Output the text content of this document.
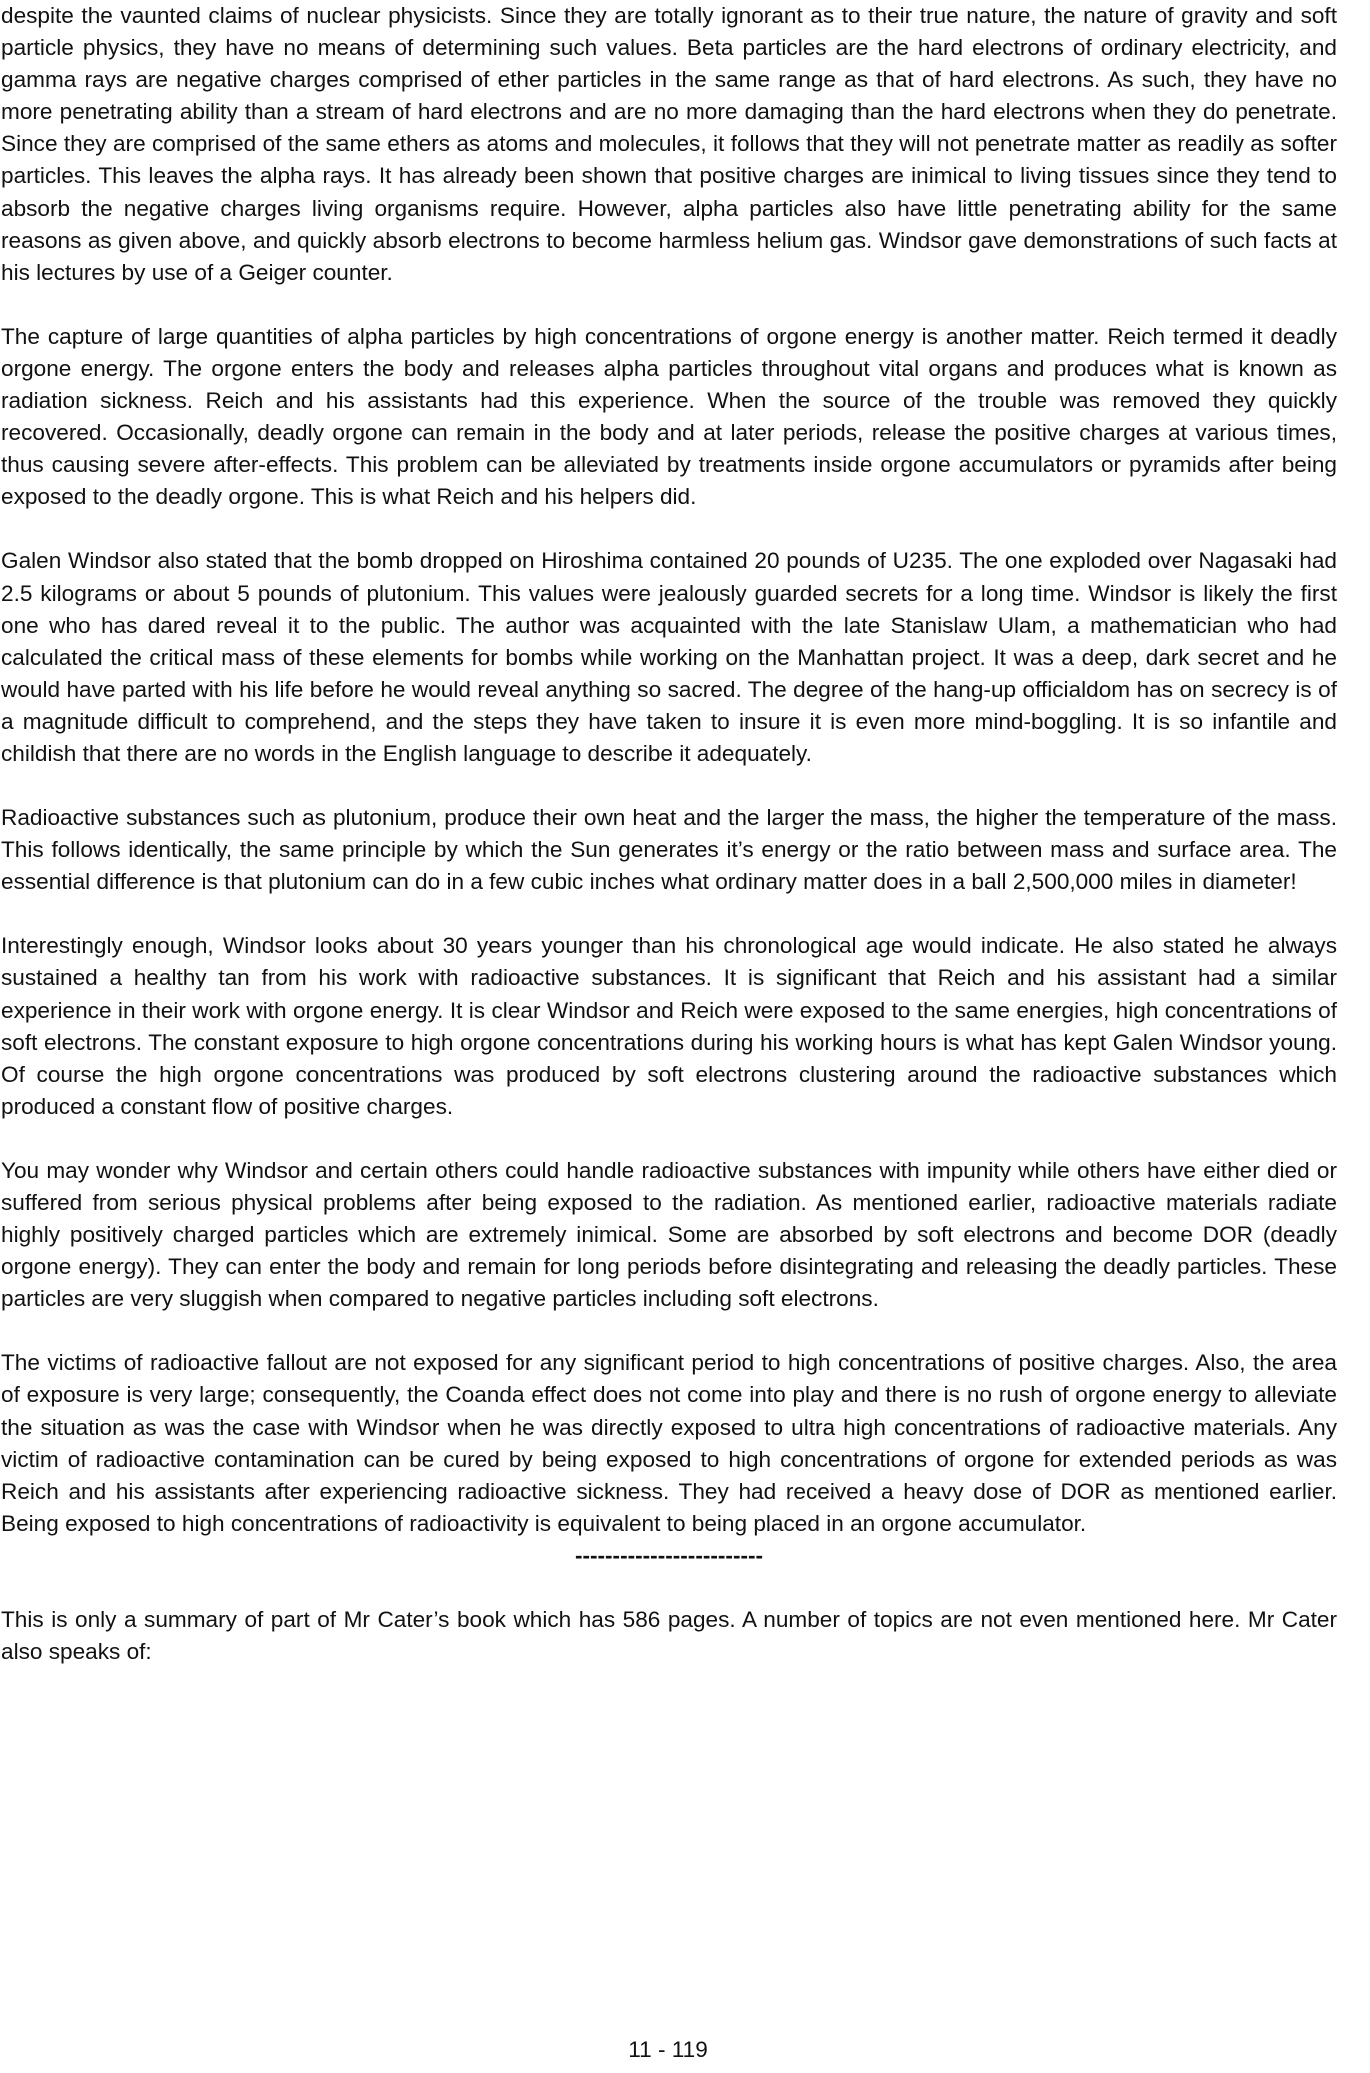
despite the vaunted claims of nuclear physicists. Since they are totally ignorant as to their true nature, the nature of gravity and soft particle physics, they have no means of determining such values. Beta particles are the hard electrons of ordinary electricity, and gamma rays are negative charges comprised of ether particles in the same range as that of hard electrons. As such, they have no more penetrating ability than a stream of hard electrons and are no more damaging than the hard electrons when they do penetrate. Since they are comprised of the same ethers as atoms and molecules, it follows that they will not penetrate matter as readily as softer particles. This leaves the alpha rays. It has already been shown that positive charges are inimical to living tissues since they tend to absorb the negative charges living organisms require. However, alpha particles also have little penetrating ability for the same reasons as given above, and quickly absorb electrons to become harmless helium gas. Windsor gave demonstrations of such facts at his lectures by use of a Geiger counter.

The capture of large quantities of alpha particles by high concentrations of orgone energy is another matter. Reich termed it deadly orgone energy. The orgone enters the body and releases alpha particles throughout vital organs and produces what is known as radiation sickness. Reich and his assistants had this experience. When the source of the trouble was removed they quickly recovered. Occasionally, deadly orgone can remain in the body and at later periods, release the positive charges at various times, thus causing severe after-effects. This problem can be alleviated by treatments inside orgone accumulators or pyramids after being exposed to the deadly orgone. This is what Reich and his helpers did.

Galen Windsor also stated that the bomb dropped on Hiroshima contained 20 pounds of U235. The one exploded over Nagasaki had 2.5 kilograms or about 5 pounds of plutonium. This values were jealously guarded secrets for a long time. Windsor is likely the first one who has dared reveal it to the public. The author was acquainted with the late Stanislaw Ulam, a mathematician who had calculated the critical mass of these elements for bombs while working on the Manhattan project. It was a deep, dark secret and he would have parted with his life before he would reveal anything so sacred. The degree of the hang-up officialdom has on secrecy is of a magnitude difficult to comprehend, and the steps they have taken to insure it is even more mind-boggling. It is so infantile and childish that there are no words in the English language to describe it adequately.

Radioactive substances such as plutonium, produce their own heat and the larger the mass, the higher the temperature of the mass. This follows identically, the same principle by which the Sun generates it’s energy or the ratio between mass and surface area. The essential difference is that plutonium can do in a few cubic inches what ordinary matter does in a ball 2,500,000 miles in diameter!

Interestingly enough, Windsor looks about 30 years younger than his chronological age would indicate. He also stated he always sustained a healthy tan from his work with radioactive substances. It is significant that Reich and his assistant had a similar experience in their work with orgone energy. It is clear Windsor and Reich were exposed to the same energies, high concentrations of soft electrons. The constant exposure to high orgone concentrations during his working hours is what has kept Galen Windsor young. Of course the high orgone concentrations was produced by soft electrons clustering around the radioactive substances which produced a constant flow of positive charges.

You may wonder why Windsor and certain others could handle radioactive substances with impunity while others have either died or suffered from serious physical problems after being exposed to the radiation. As mentioned earlier, radioactive materials radiate highly positively charged particles which are extremely inimical. Some are absorbed by soft electrons and become DOR (deadly orgone energy). They can enter the body and remain for long periods before disintegrating and releasing the deadly particles. These particles are very sluggish when compared to negative particles including soft electrons.

The victims of radioactive fallout are not exposed for any significant period to high concentrations of positive charges. Also, the area of exposure is very large; consequently, the Coanda effect does not come into play and there is no rush of orgone energy to alleviate the situation as was the case with Windsor when he was directly exposed to ultra high concentrations of radioactive materials. Any victim of radioactive contamination can be cured by being exposed to high concentrations of orgone for extended periods as was Reich and his assistants after experiencing radioactive sickness. They had received a heavy dose of DOR as mentioned earlier. Being exposed to high concentrations of radioactivity is equivalent to being placed in an orgone accumulator.

-------------------------

This is only a summary of part of Mr Cater’s book which has 586 pages. A number of topics are not even mentioned here. Mr Cater also speaks of:

11 - 119
